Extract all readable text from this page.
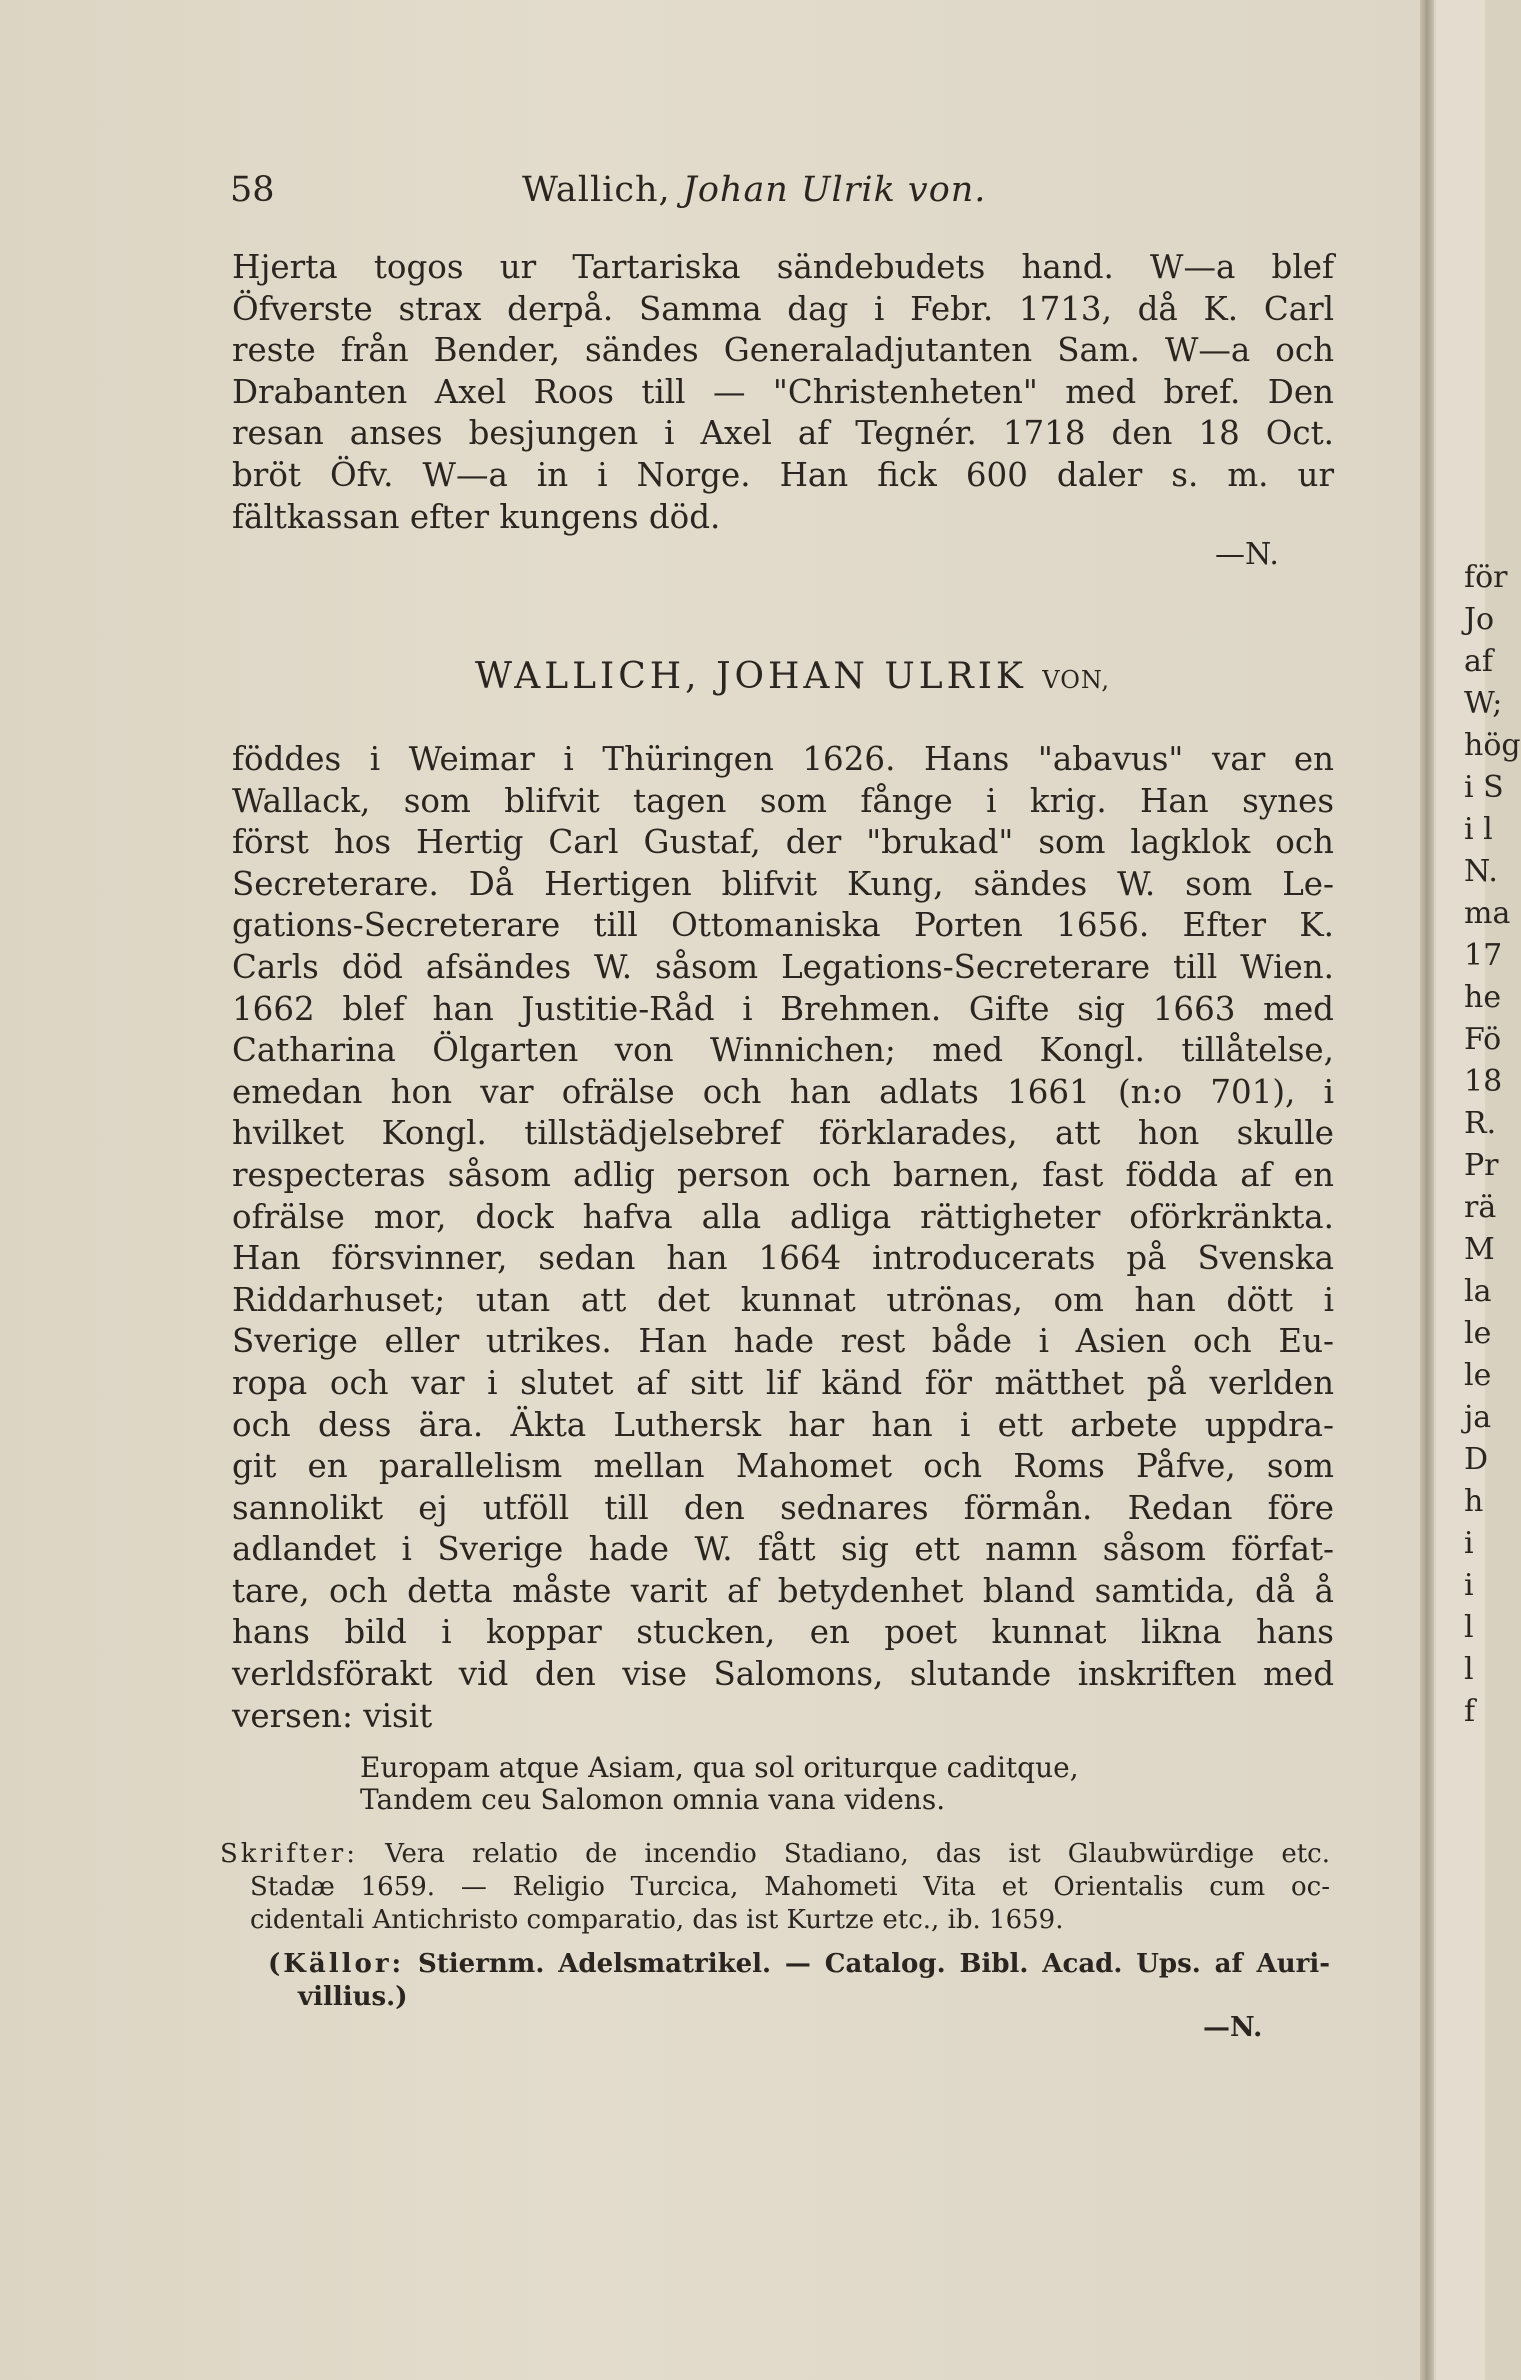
58	Wallich, Johan Ulrik von.
Hjerta togos ur Tartariska sändebudets hand. W—a blef
Öfverste strax derpå. Samma dag i Febr. 1713, då K. Carl
reste från Bender, sändes Generaladjutanten Sam. W—a och
Drabanten Axel Roos till — "Christenheten" med bref. Den
resan anses besjungen i Axel af Tegnér. 1718 den 18 Oct.
bröt Öfv. W—a in i Norge. Han fick 600 daler s. m. ur
fältkassan efter kungens död.
—N.
WALLICH, JOHAN ULRIK VON,
föddes i Weimar i Thüringen 1626. Hans "abavus" var en
Wallack, som blifvit tagen som fånge i krig. Han synes
först hos Hertig Carl Gustaf, der "brukad" som lagklok och
Secreterare. Då Hertigen blifvit Kung, sändes W. som Le-
gations-Secreterare till Ottomaniska Porten 1656. Efter K.
Carls död afsändes W. såsom Legations-Secreterare till Wien.
1662 blef han Justitie-Råd i Brehmen. Gifte sig 1663 med
Catharina Ölgarten von Winnichen; med Kongl. tillåtelse,
emedan hon var ofrälse och han adlats 1661 (n:o 701), i
hvilket Kongl. tillstädjelsebref förklarades, att hon skulle
respecteras såsom adlig person och barnen, fast födda af en
ofrälse mor, dock hafva alla adliga rättigheter oförkränkta.
Han försvinner, sedan han 1664 introducerats på Svenska
Riddarhuset; utan att det kunnat utrönas, om han dött i
Sverige eller utrikes. Han hade rest både i Asien och Eu-
ropa och var i slutet af sitt lif känd för mätthet på verlden
och dess ära. Äkta Luthersk har han i ett arbete uppdra-
git en parallelism mellan Mahomet och Roms Påfve, som
sannolikt ej utföll till den sednares förmån. Redan före
adlandet i Sverige hade W. fått sig ett namn såsom förfat-
tare, och detta måste varit af betydenhet bland samtida, då å
hans bild i koppar stucken, en poet kunnat likna hans
verldsförakt vid den vise Salomons, slutande inskriften med
versen: visit
Europam atque Asiam, qua sol oriturque caditque,
Tandem ceu Salomon omnia vana videns.
Skrifter: Vera relatio de incendio Stadiano, das ist Glaubwürdige etc.
Stadæ 1659. — Religio Turcica, Mahometi Vita et Orientalis cum oc-
cidentali Antichristo comparatio, das ist Kurtze etc., ib. 1659.
(Källor: Stiernm. Adelsmatrikel. — Catalog. Bibl. Acad. Ups. af Auri-
villius.)
—N.
för
Jo
af
W;
hög
i S
i l
N.
ma
17
he
Fö
18
R.
Pr
rä
M
la
le
le
ja
D
h
i
i
l
l
f
